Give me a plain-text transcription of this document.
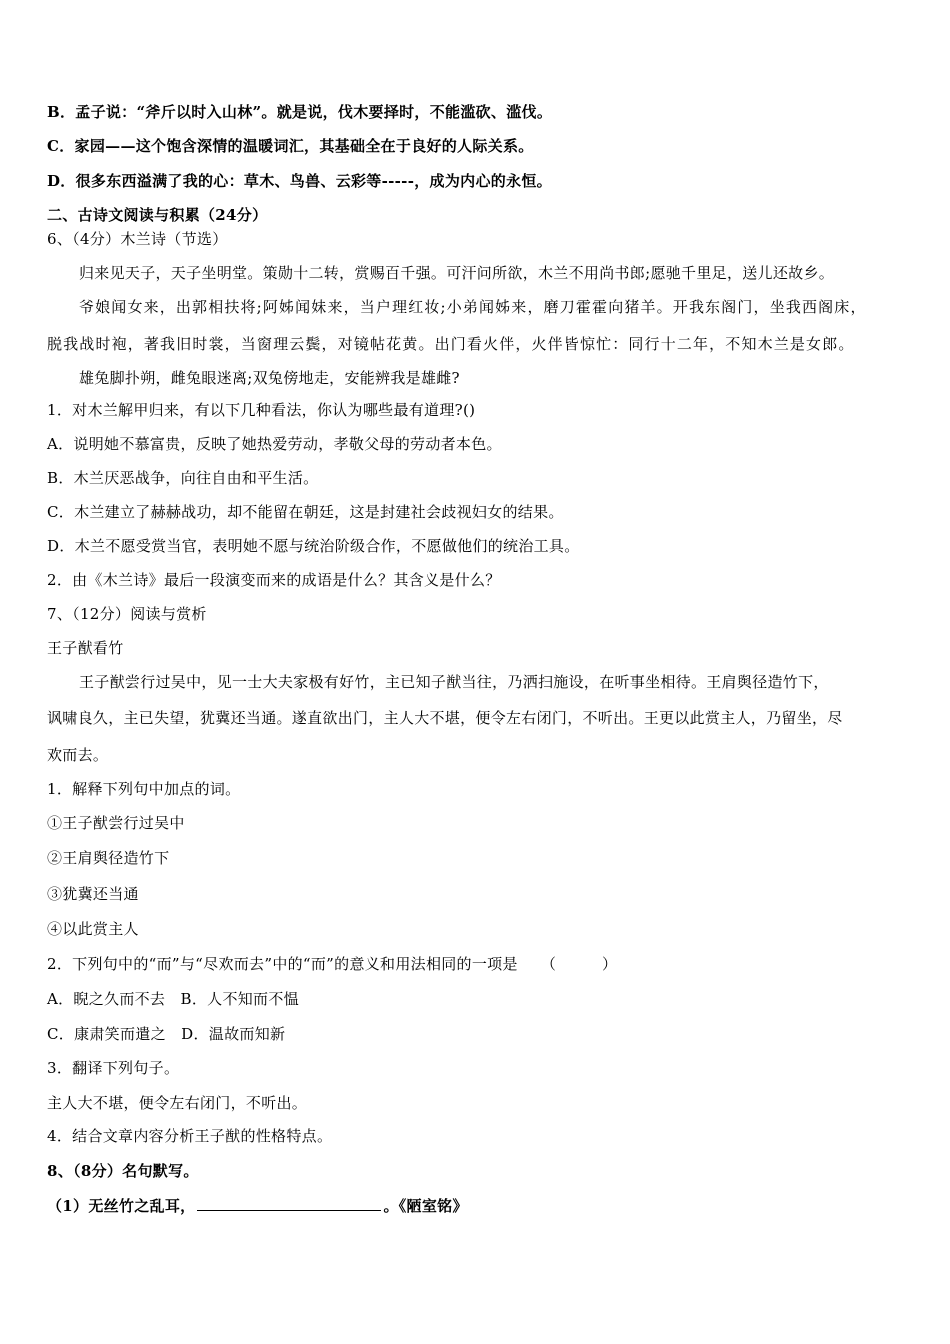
B．孟子说：“斧斤以时入山林”。就是说，伐木要择时，不能滥砍、滥伐。
C．家园——这个饱含深情的温暖词汇，其基础全在于良好的人际关系。
D．很多东西溢满了我的心：草木、鸟兽、云彩等-----，成为内心的永恒。
二、古诗文阅读与积累（24分）
6、（4分）木兰诗（节选）
归来见天子，天子坐明堂。策勋十二转，赏赐百千强。可汗问所欲，木兰不用尚书郎;愿驰千里足，送儿还故乡。
爷娘闻女来，出郭相扶将;阿姊闻妹来，当户理红妆;小弟闻姊来，磨刀霍霍向猪羊。开我东阁门，坐我西阁床，
脱我战时袍，著我旧时裳，当窗理云鬓，对镜帖花黄。出门看火伴，火伴皆惊忙：同行十二年，不知木兰是女郎。
雄兔脚扑朔，雌兔眼迷离;双兔傍地走，安能辨我是雄雌?
1．对木兰解甲归来，有以下几种看法，你认为哪些最有道理?()
A．说明她不慕富贵，反映了她热爱劳动，孝敬父母的劳动者本色。
B．木兰厌恶战争，向往自由和平生活。
C．木兰建立了赫赫战功，却不能留在朝廷，这是封建社会歧视妇女的结果。
D．木兰不愿受赏当官，表明她不愿与统治阶级合作，不愿做他们的统治工具。
2．由《木兰诗》最后一段演变而来的成语是什么？其含义是什么？
7、（12分）阅读与赏析
王子猷看竹
王子猷尝行过吴中，见一士大夫家极有好竹，主已知子猷当往，乃洒扫施设，在听事坐相待。王肩舆径造竹下，
讽啸良久，主已失望，犹冀还当通。遂直欲出门，主人大不堪，便令左右闭门，不听出。王更以此赏主人，乃留坐，尽
欢而去。
1．解释下列句中加点的词。
①王子猷尝行过吴中
②王肩舆径造竹下
③犹冀还当通
④以此赏主人
2．下列句中的“而”与“尽欢而去”中的“而”的意义和用法相同的一项是　　（　　　）
A．睨之久而不去　B．人不知而不愠
C．康肃笑而遣之　D．温故而知新
3．翻译下列句子。
主人大不堪，便令左右闭门，不听出。
4．结合文章内容分析王子猷的性格特点。
8、（8分）名句默写。
（1）无丝竹之乱耳，	。《陋室铭》
